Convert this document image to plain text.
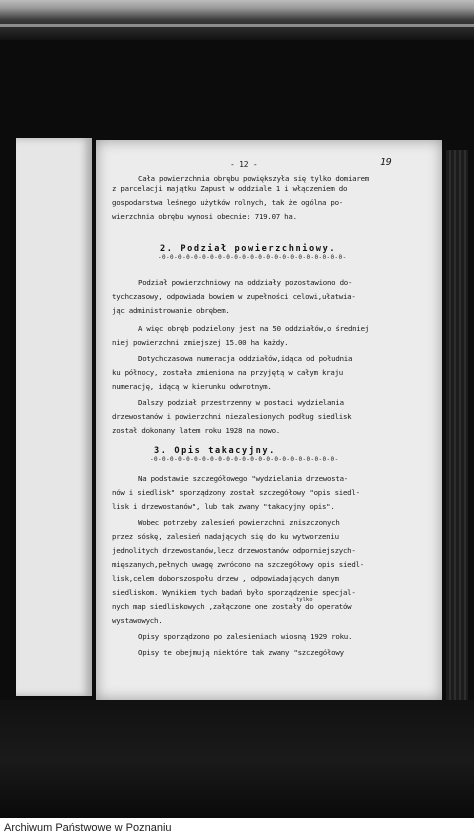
- 12 -	19
Cała powierzchnia obrębu powiększyła się tylko domiarem
z parcelacji majątku Zapust w oddziale 1 i włączeniem do
gospodarstwa leśnego użytków rolnych, tak że ogólna po-
wierzchnia obrębu wynosi obecnie: 719.07 ha.
2. Podział powierzchniowy.
-0-0-0-0-0-0-0-0-0-0-0-0-0-0-0-0-0-0-0-0-0-0-0-
Podział powierzchniowy na oddziały pozostawiono do-
tychczasowy, odpowiada bowiem w zupełności celowi,ułatwia-
jąc administrowanie obrębem.
A więc obręb podzielony jest na 50 oddziałów,o średniej
niej powierzchni zmiejszej 15.00 ha każdy.
Dotychczasowa numeracja oddziałów,idąca od południa
ku północy, została zmieniona na przyjętą w całym kraju
numerację, idącą w kierunku odwrotnym.
Dalszy podział przestrzenny w postaci wydzielania
drzewostanów i powierzchni niezalesionych podług siedlisk
został dokonany latem roku 1928 na nowo.
3. Opis takacyjny.
-0-0-0-0-0-0-0-0-0-0-0-0-0-0-0-0-0-0-0-0-0-0-0-
Na podstawie szczegółowego "wydzielania drzewosta-
nów i siedlisk" sporządzony został szczegółowy "opis siedl-
lisk i drzewostanów", lub tak zwany "takacyjny opis".
Wobec potrzeby zalesień powierzchni zniszczonych
przez sóskę, zalesień nadających się do ku wytworzeniu
jednolitych drzewostanów,lecz drzewostanów odporniejszych-
mięszanych,pełnych uwagę zwrócono na szczegółowy opis siedl-
lisk,celem doborszospołu drzew , odpowiadających danym
siedliskom. Wynikiem tych badań było sporządzenie specjal-
tylko
nych map siedliskowych ,załączone one zostały do operatów
wystawowych.
Opisy sporządzono po zalesieniach wiosną 1929 roku.
Opisy te obejmują niektóre tak zwany "szczegółowy
Archiwum Państwowe w Poznaniu
